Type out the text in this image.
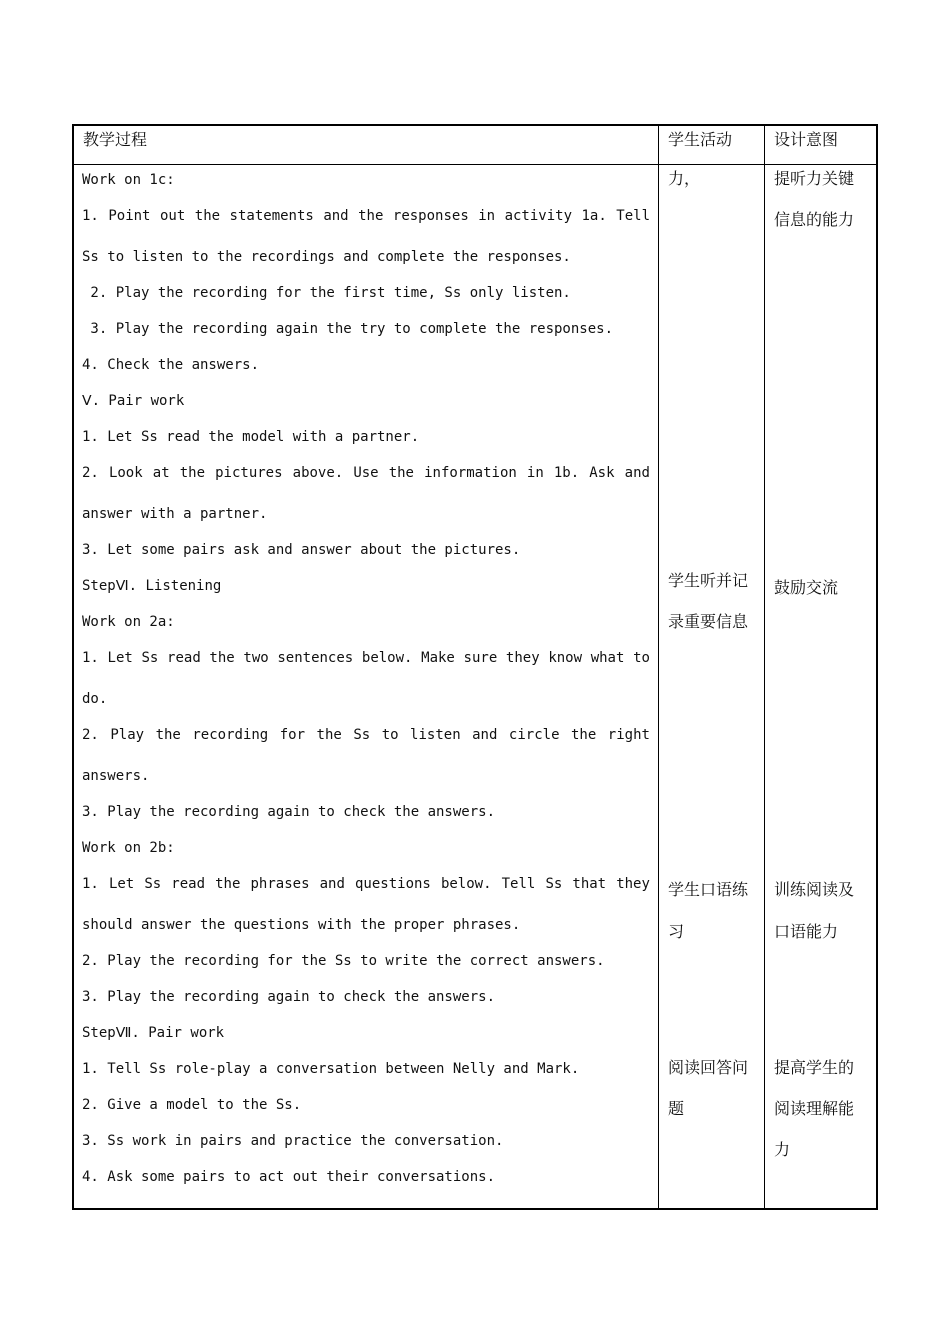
教学过程	学生活动	设计意图

Work on 1c:

1. Point out the statements and the responses in activity 1a. Tell

Ss to listen to the recordings and complete the responses.

2. Play the recording for the first time, Ss only listen.

3. Play the recording again the try to complete the responses.

4. Check the answers.

Ⅴ. Pair work

1. Let Ss read the model with a partner.

2. Look at the pictures above. Use the information in 1b. Ask and

answer with a partner.

3. Let some pairs ask and answer about the pictures.

StepⅥ. Listening

Work on 2a:

1. Let Ss read the two sentences below. Make sure they know what to

do.

2. Play the recording for the Ss to listen and circle the right

answers.

3. Play the recording again to check the answers.

Work on 2b:

1. Let Ss read the phrases and questions below. Tell Ss that they

should answer the questions with the proper phrases.

2. Play the recording for the Ss to write the correct answers.

3. Play the recording again to check the answers.

StepⅦ. Pair work

1. Tell Ss role-play a conversation between Nelly and Mark.

2. Give a model to the Ss.

3. Ss work in pairs and practice the conversation.

4. Ask some pairs to act out their conversations.

力，
学生听并记
录重要信息
学生口语练
习
阅读回答问
题
提听力关键
信息的能力
鼓励交流
训练阅读及
口语能力
提高学生的
阅读理解能
力
